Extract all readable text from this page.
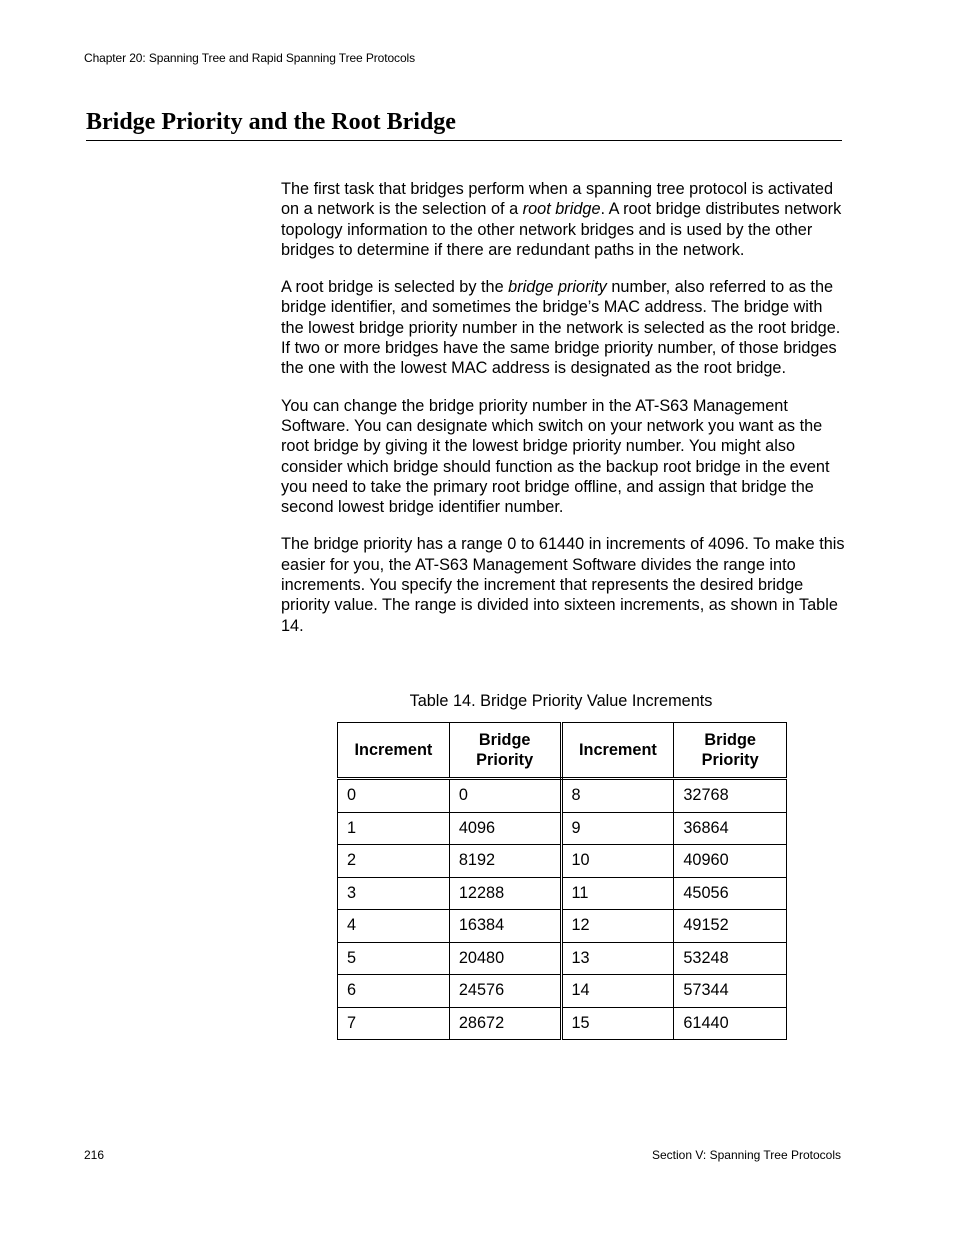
Chapter 20: Spanning Tree and Rapid Spanning Tree Protocols
Bridge Priority and the Root Bridge

The first task that bridges perform when a spanning tree protocol is activated on a network is the selection of a root bridge. A root bridge distributes network topology information to the other network bridges and is used by the other bridges to determine if there are redundant paths in the network.

A root bridge is selected by the bridge priority number, also referred to as the bridge identifier, and sometimes the bridge’s MAC address. The bridge with the lowest bridge priority number in the network is selected as the root bridge. If two or more bridges have the same bridge priority number, of those bridges the one with the lowest MAC address is designated as the root bridge.

You can change the bridge priority number in the AT-S63 Management Software. You can designate which switch on your network you want as the root bridge by giving it the lowest bridge priority number. You might also consider which bridge should function as the backup root bridge in the event you need to take the primary root bridge offline, and assign that bridge the second lowest bridge identifier number.

The bridge priority has a range 0 to 61440 in increments of 4096. To make this easier for you, the AT-S63 Management Software divides the range into increments. You specify the increment that represents the desired bridge priority value. The range is divided into sixteen increments, as shown in Table 14.

Table 14. Bridge Priority Value Increments
Increment	Bridge Priority	Increment	Bridge Priority
0	0	8	32768
1	4096	9	36864
2	8192	10	40960
3	12288	11	45056
4	16384	12	49152
5	20480	13	53248
6	24576	14	57344
7	28672	15	61440
216	Section V: Spanning Tree Protocols
